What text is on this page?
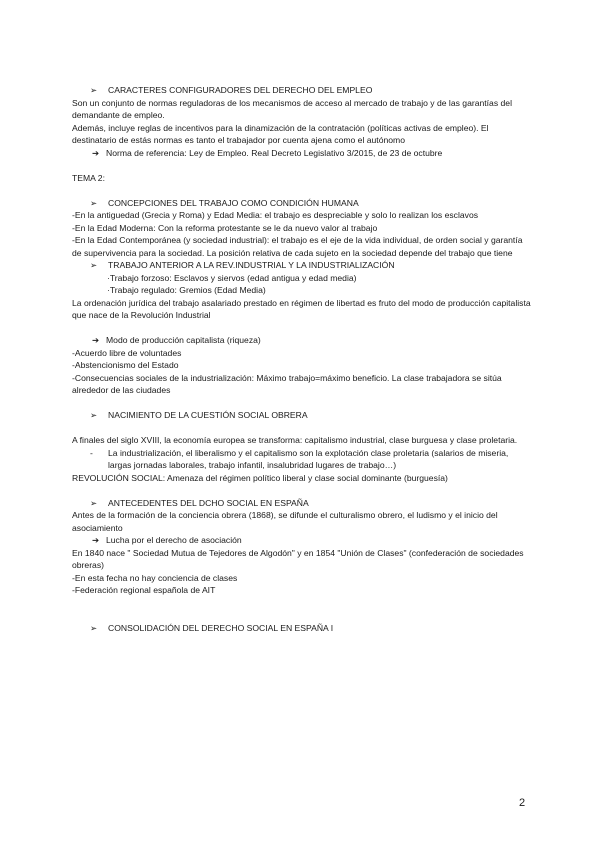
➢ CARACTERES CONFIGURADORES DEL DERECHO DEL EMPLEO
Son un conjunto de normas reguladoras de los mecanismos de acceso al mercado de trabajo y de las garantías del demandante de empleo.
Además, incluye reglas de incentivos para la dinamización de la contratación (políticas activas de empleo). El destinatario de estás normas es tanto el trabajador por cuenta ajena como el autónomo
➔ Norma de referencia: Ley de Empleo. Real Decreto Legislativo 3/2015, de 23 de octubre
TEMA 2:
➢ CONCEPCIONES DEL TRABAJO COMO CONDICIÓN HUMANA
-En la antiguedad (Grecia y Roma) y Edad Media: el trabajo es despreciable y solo lo realizan los esclavos
-En la Edad Moderna: Con la reforma protestante se le da nuevo valor al trabajo
-En la Edad Contemporánea (y sociedad industrial): el trabajo es el eje de la vida individual, de orden social y garantía de supervivencia para la sociedad. La posición relativa de cada sujeto en la sociedad depende del trabajo que tiene
➢ TRABAJO ANTERIOR A LA REV.INDUSTRIAL Y LA INDUSTRIALIZACIÓN
·Trabajo forzoso: Esclavos y siervos (edad antigua y edad media)
·Trabajo regulado: Gremios (Edad Media)
La ordenación jurídica del trabajo asalariado prestado en régimen de libertad es fruto del modo de producción capitalista que nace de la Revolución Industrial
➔ Modo de producción capitalista (riqueza)
-Acuerdo libre de voluntades
-Abstencionismo del Estado
-Consecuencias sociales de la industrialización: Máximo trabajo=máximo beneficio. La clase trabajadora se sitúa alrededor de las ciudades
➢ NACIMIENTO DE LA CUESTIÓN SOCIAL OBRERA
A finales del siglo XVIII, la economía europea se transforma: capitalismo industrial, clase burguesa y clase proletaria.
-	La industrialización, el liberalismo y el capitalismo son la explotación clase proletaria (salarios de miseria, largas jornadas laborales, trabajo infantil, insalubridad lugares de trabajo…)
REVOLUCIÓN SOCIAL: Amenaza del régimen político liberal y clase social dominante (burguesía)
➢ ANTECEDENTES DEL DCHO SOCIAL EN ESPAÑA
Antes de la formación de la conciencia obrera (1868), se difunde el culturalismo obrero, el ludismo y el inicio del asociamiento
➔ Lucha por el derecho de asociación
En 1840 nace " Sociedad Mutua de Tejedores de Algodón" y en 1854 "Unión de Clases" (confederación de sociedades obreras)
-En esta fecha no hay conciencia de clases
-Federación regional española de AIT
➢ CONSOLIDACIÓN DEL DERECHO SOCIAL EN ESPAÑA I
2
